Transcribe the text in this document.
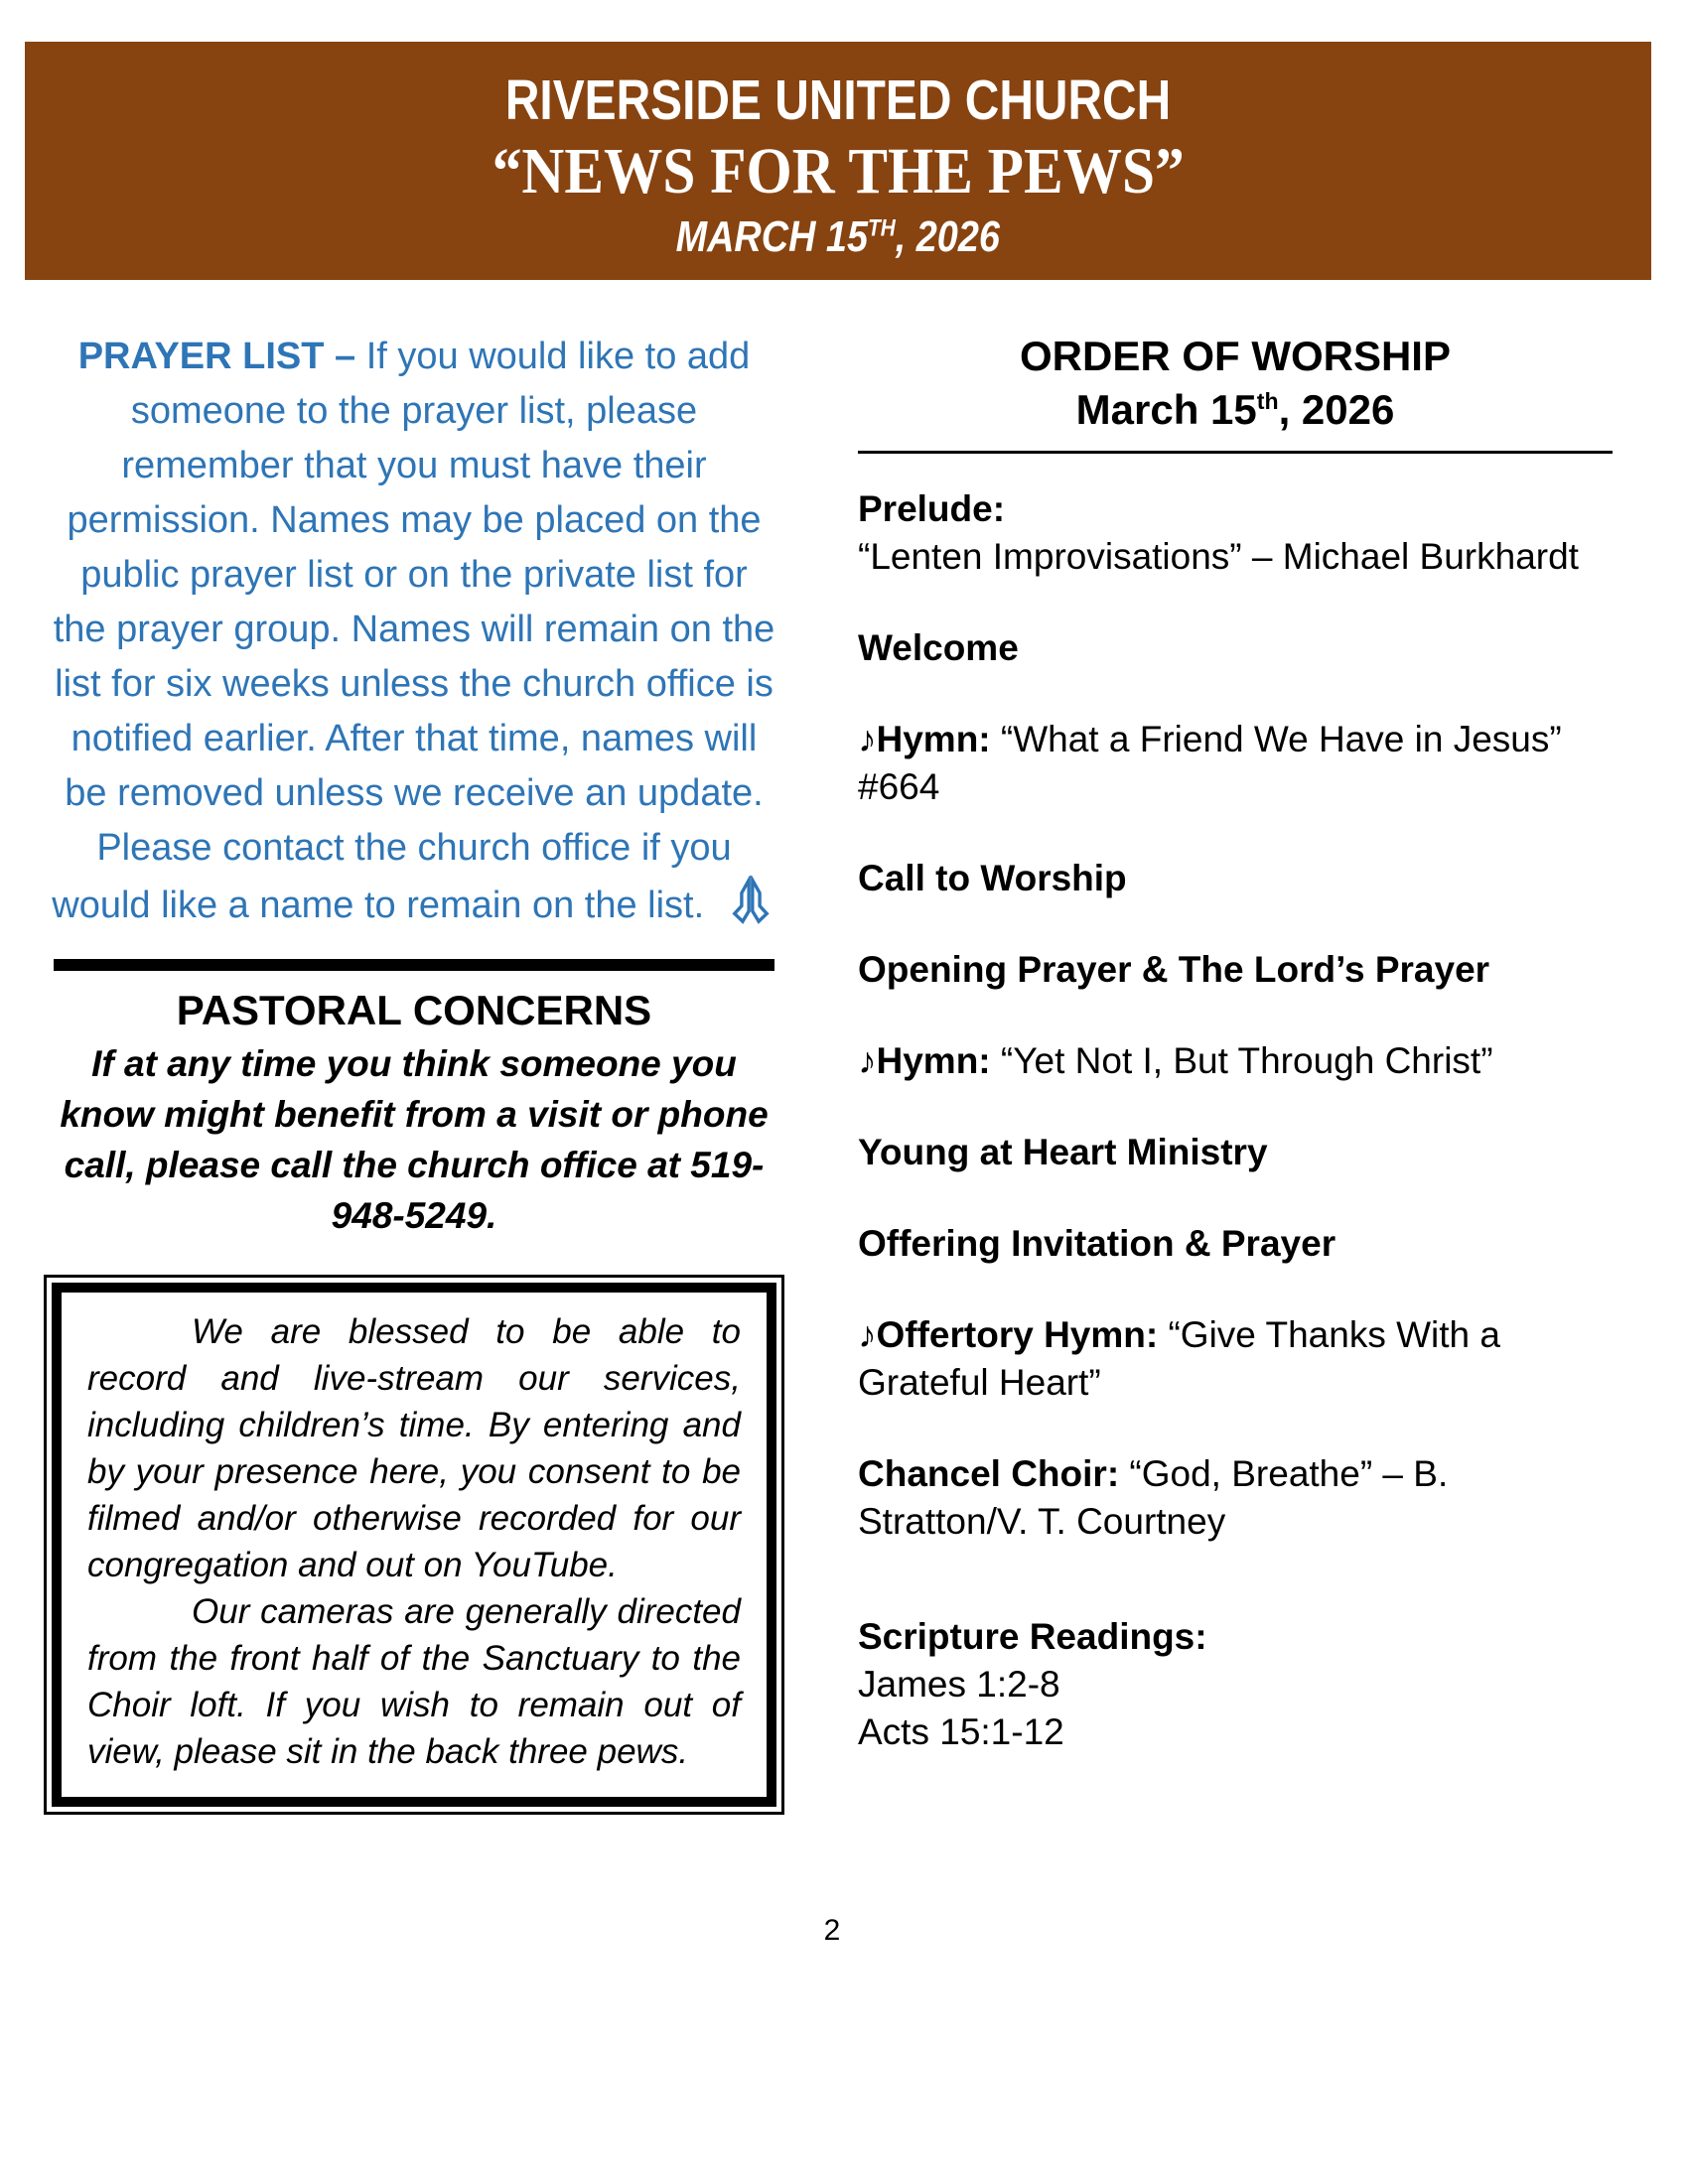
RIVERSIDE UNITED CHURCH
“NEWS FOR THE PEWS”
MARCH 15TH, 2026
PRAYER LIST – If you would like to add someone to the prayer list, please remember that you must have their permission. Names may be placed on the public prayer list or on the private list for the prayer group. Names will remain on the list for six weeks unless the church office is notified earlier. After that time, names will be removed unless we receive an update. Please contact the church office if you would like a name to remain on the list.
PASTORAL CONCERNS
If at any time you think someone you know might benefit from a visit or phone call, please call the church office at 519-948-5249.

We are blessed to be able to record and live-stream our services, including children’s time. By entering and by your presence here, you consent to be filmed and/or otherwise recorded for our congregation and out on YouTube.

Our cameras are generally directed from the front half of the Sanctuary to the Choir loft. If you wish to remain out of view, please sit in the back three pews.

ORDER OF WORSHIP
March 15th, 2026

Prelude:

“Lenten Improvisations” – Michael Burkhardt

Welcome

♪Hymn: “What a Friend We Have in Jesus” #664

Call to Worship

Opening Prayer & The Lord’s Prayer

♪Hymn: “Yet Not I, But Through Christ”

Young at Heart Ministry

Offering Invitation & Prayer

♪Offertory Hymn: “Give Thanks With a Grateful Heart”

Chancel Choir: “God, Breathe” – B. Stratton/V. T. Courtney

Scripture Readings:

James 1:2-8

Acts 15:1-12

2
